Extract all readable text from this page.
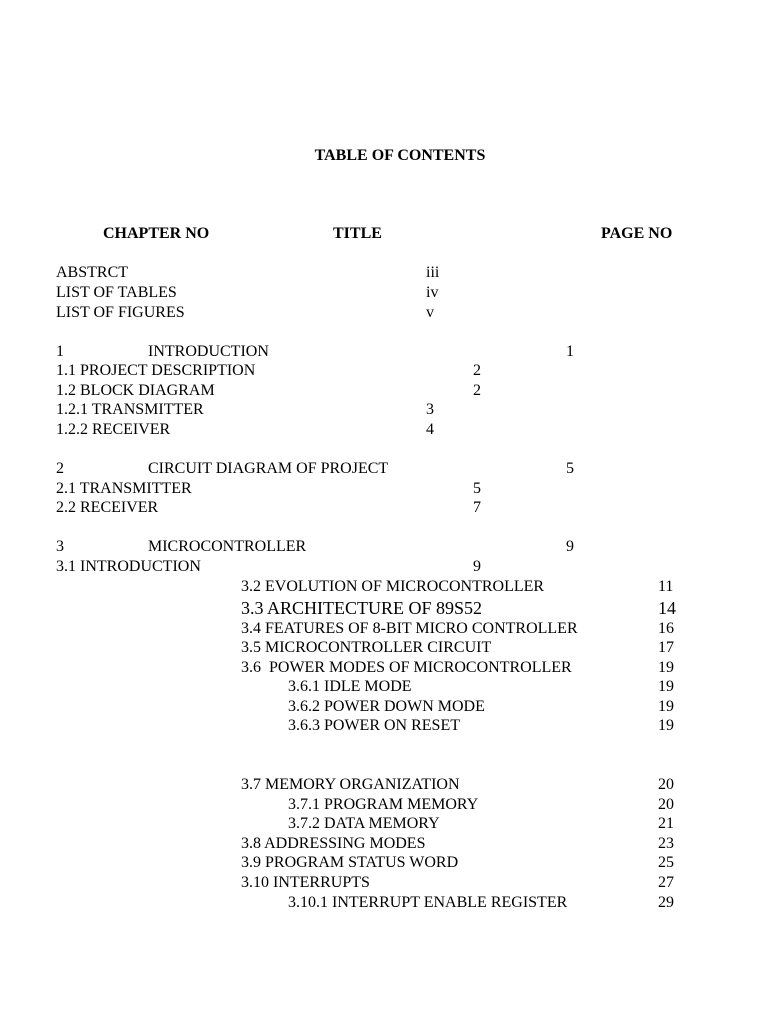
TABLE OF CONTENTS
CHAPTER NO	TITLE	PAGE NO
ABSTRCT	iii
LIST OF TABLES	iv
LIST OF FIGURES	v
1	INTRODUCTION	1
1.1 PROJECT DESCRIPTION	2
1.2 BLOCK DIAGRAM	2
1.2.1 TRANSMITTER	3
1.2.2 RECEIVER	4
2	CIRCUIT DIAGRAM OF PROJECT	5
2.1 TRANSMITTER	5
2.2 RECEIVER	7
3	MICROCONTROLLER	9
3.1 INTRODUCTION	9
3.2 EVOLUTION OF MICROCONTROLLER	11
3.3 ARCHITECTURE OF 89S52	14
3.4 FEATURES OF 8-BIT MICRO CONTROLLER	16
3.5 MICROCONTROLLER CIRCUIT	17
3.6  POWER MODES OF MICROCONTROLLER	19
3.6.1 IDLE MODE	19
3.6.2 POWER DOWN MODE	19
3.6.3 POWER ON RESET	19
3.7 MEMORY ORGANIZATION	20
3.7.1 PROGRAM MEMORY	20
3.7.2 DATA MEMORY	21
3.8 ADDRESSING MODES	23
3.9 PROGRAM STATUS WORD	25
3.10 INTERRUPTS	27
3.10.1 INTERRUPT ENABLE REGISTER	29
